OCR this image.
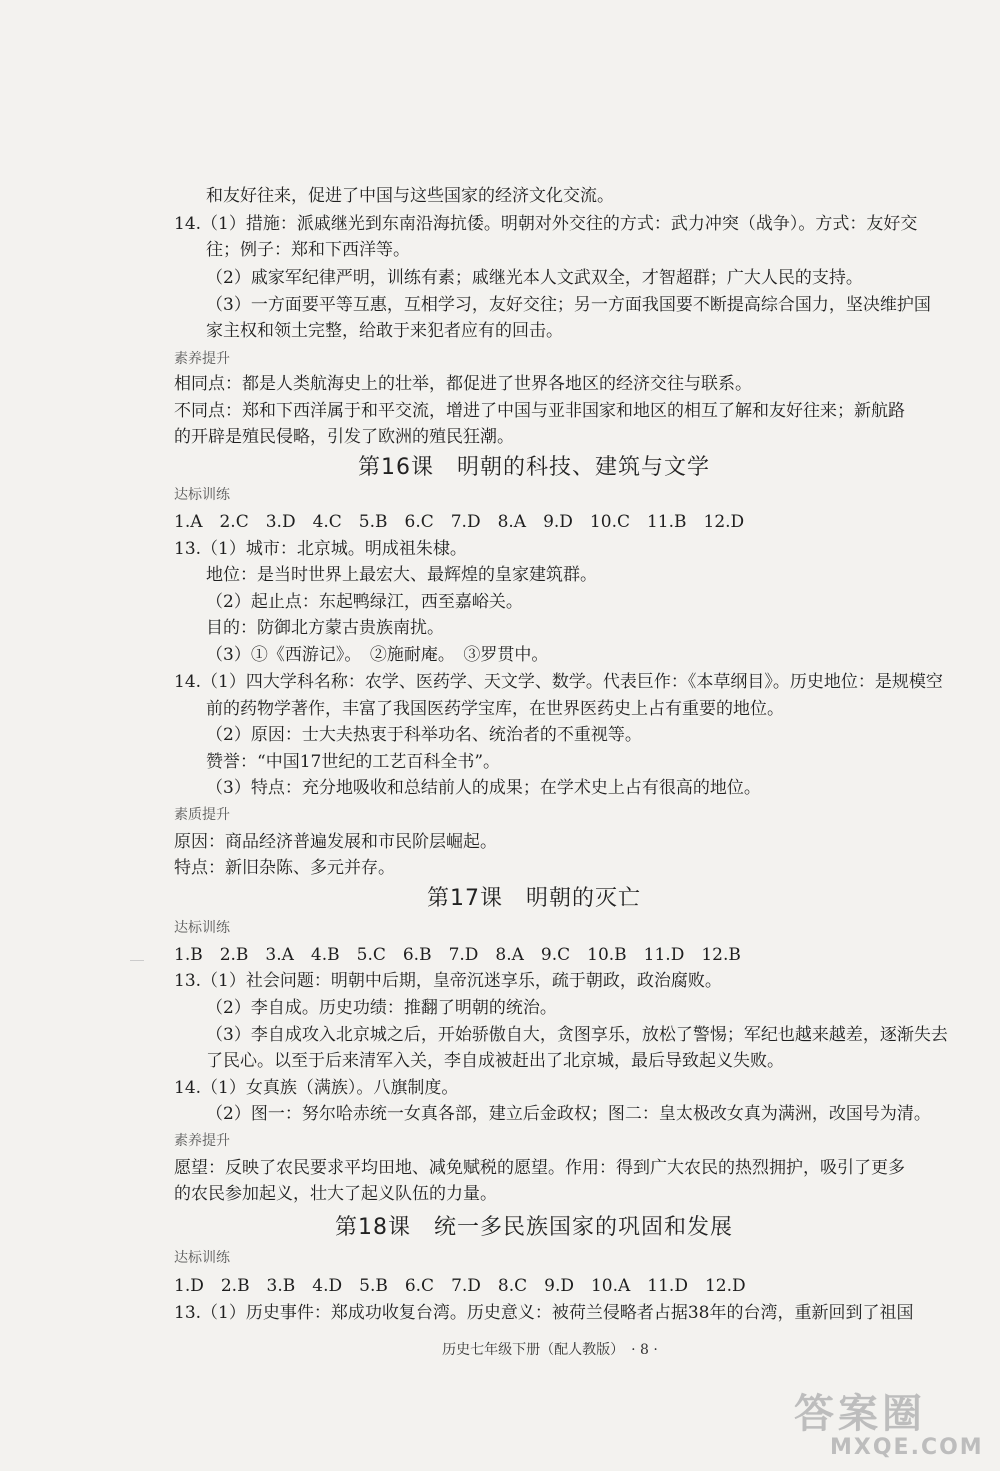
和友好往来，促进了中国与这些国家的经济文化交流。
14.（1）措施：派戚继光到东南沿海抗倭。明朝对外交往的方式：武力冲突（战争）。方式：友好交
往；例子：郑和下西洋等。
（2）戚家军纪律严明，训练有素；戚继光本人文武双全，才智超群；广大人民的支持。
（3）一方面要平等互惠，互相学习，友好交往；另一方面我国要不断提高综合国力，坚决维护国
家主权和领土完整，给敢于来犯者应有的回击。
素养提升
相同点：都是人类航海史上的壮举，都促进了世界各地区的经济交往与联系。
不同点：郑和下西洋属于和平交流，增进了中国与亚非国家和地区的相互了解和友好往来；新航路
的开辟是殖民侵略，引发了欧洲的殖民狂潮。
第16课　明朝的科技、建筑与文学
达标训练
1.A　2.C　3.D　4.C　5.B　6.C　7.D　8.A　9.D　10.C　11.B　12.D
13.（1）城市：北京城。明成祖朱棣。
地位：是当时世界上最宏大、最辉煌的皇家建筑群。
（2）起止点：东起鸭绿江，西至嘉峪关。
目的：防御北方蒙古贵族南扰。
（3）①《西游记》。　②施耐庵。　③罗贯中。
14.（1）四大学科名称：农学、医药学、天文学、数学。代表巨作：《本草纲目》。历史地位：是规模空
前的药物学著作，丰富了我国医药学宝库，在世界医药史上占有重要的地位。
（2）原因：士大夫热衷于科举功名、统治者的不重视等。
赞誉：“中国17世纪的工艺百科全书”。
（3）特点：充分地吸收和总结前人的成果；在学术史上占有很高的地位。
素质提升
原因：商品经济普遍发展和市民阶层崛起。
特点：新旧杂陈、多元并存。
第17课　明朝的灭亡
达标训练
1.B　2.B　3.A　4.B　5.C　6.B　7.D　8.A　9.C　10.B　11.D　12.B
13.（1）社会问题：明朝中后期，皇帝沉迷享乐，疏于朝政，政治腐败。
（2）李自成。历史功绩：推翻了明朝的统治。
（3）李自成攻入北京城之后，开始骄傲自大，贪图享乐，放松了警惕；军纪也越来越差，逐渐失去
了民心。以至于后来清军入关，李自成被赶出了北京城，最后导致起义失败。
14.（1）女真族（满族）。八旗制度。
（2）图一：努尔哈赤统一女真各部，建立后金政权；图二：皇太极改女真为满洲，改国号为清。
素养提升
愿望：反映了农民要求平均田地、减免赋税的愿望。作用：得到广大农民的热烈拥护，吸引了更多
的农民参加起义，壮大了起义队伍的力量。
第18课　统一多民族国家的巩固和发展
达标训练
1.D　2.B　3.B　4.D　5.B　6.C　7.D　8.C　9.D　10.A　11.D　12.D
13.（1）历史事件：郑成功收复台湾。历史意义：被荷兰侵略者占据38年的台湾，重新回到了祖国
历史七年级下册（配人教版）　· 8 ·
答案圈
MXQE.COM
